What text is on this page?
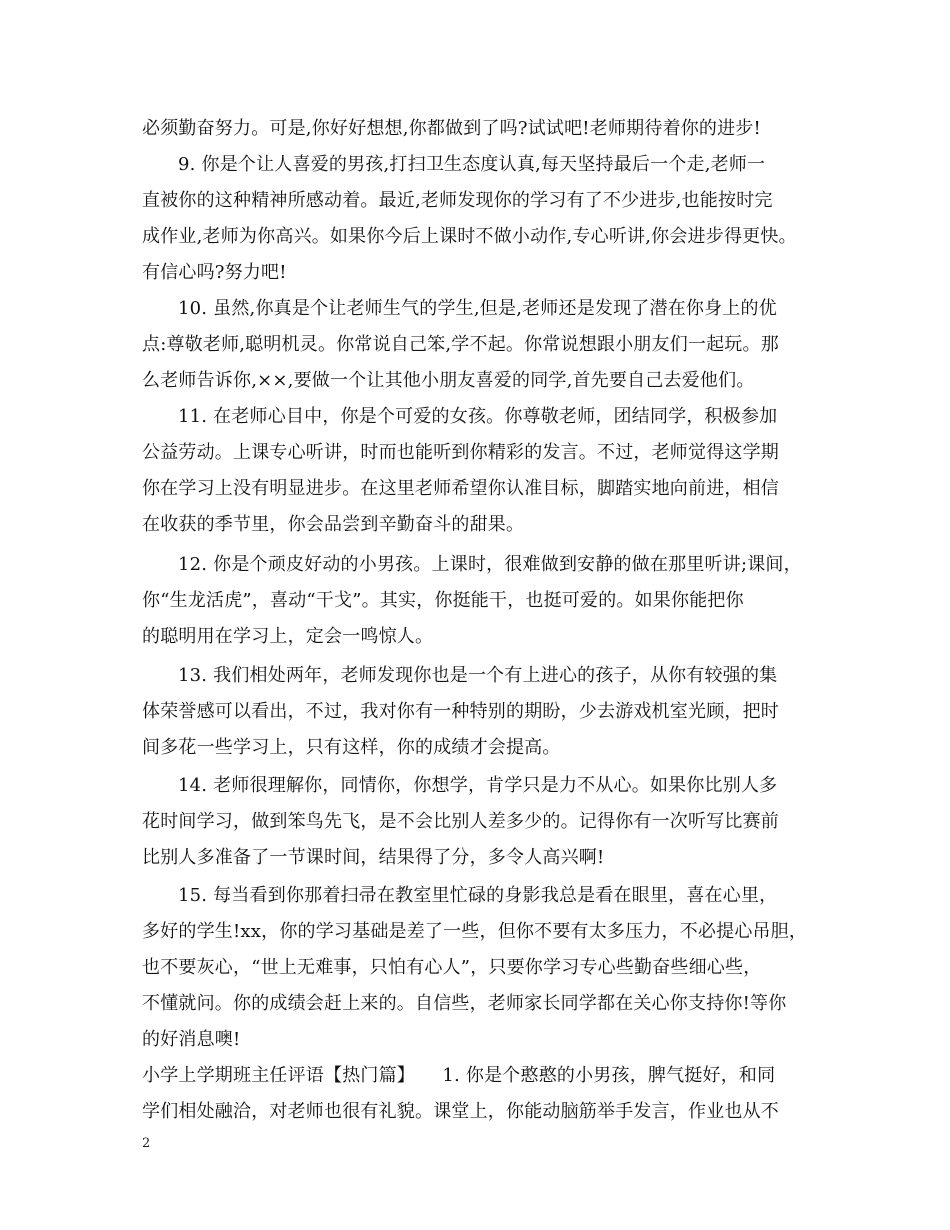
必须勤奋努力。可是,你好好想想,你都做到了吗?试试吧!老师期待着你的进步!
9. 你是个让人喜爱的男孩,打扫卫生态度认真,每天坚持最后一个走,老师一
直被你的这种精神所感动着。最近,老师发现你的学习有了不少进步,也能按时完
成作业,老师为你高兴。如果你今后上课时不做小动作,专心听讲,你会进步得更快。
有信心吗?努力吧!
10. 虽然,你真是个让老师生气的学生,但是,老师还是发现了潜在你身上的优
点:尊敬老师,聪明机灵。你常说自己笨,学不起。你常说想跟小朋友们一起玩。那
么老师告诉你,××,要做一个让其他小朋友喜爱的同学,首先要自己去爱他们。
11. 在老师心目中，你是个可爱的女孩。你尊敬老师，团结同学，积极参加
公益劳动。上课专心听讲，时而也能听到你精彩的发言。不过，老师觉得这学期
你在学习上没有明显进步。在这里老师希望你认准目标，脚踏实地向前进，相信
在收获的季节里，你会品尝到辛勤奋斗的甜果。
12. 你是个顽皮好动的小男孩。上课时，很难做到安静的做在那里听讲;课间，
你“生龙活虎”，喜动“干戈”。其实，你挺能干，也挺可爱的。如果你能把你
的聪明用在学习上，定会一鸣惊人。
13. 我们相处两年，老师发现你也是一个有上进心的孩子，从你有较强的集
体荣誉感可以看出，不过，我对你有一种特别的期盼，少去游戏机室光顾，把时
间多花一些学习上，只有这样，你的成绩才会提高。
14. 老师很理解你，同情你，你想学，肯学只是力不从心。如果你比别人多
花时间学习，做到笨鸟先飞，是不会比别人差多少的。记得你有一次听写比赛前
比别人多准备了一节课时间，结果得了分，多令人高兴啊!
15. 每当看到你那着扫帚在教室里忙碌的身影我总是看在眼里，喜在心里，
多好的学生!xx，你的学习基础是差了一些，但你不要有太多压力，不必提心吊胆，
也不要灰心，“世上无难事，只怕有心人”，只要你学习专心些勤奋些细心些，
不懂就问。你的成绩会赶上来的。自信些，老师家长同学都在关心你支持你!等你
的好消息噢!
小学上学期班主任评语【热门篇】　　1. 你是个憨憨的小男孩，脾气挺好，和同
学们相处融洽，对老师也很有礼貌。课堂上，你能动脑筋举手发言，作业也从不
2
